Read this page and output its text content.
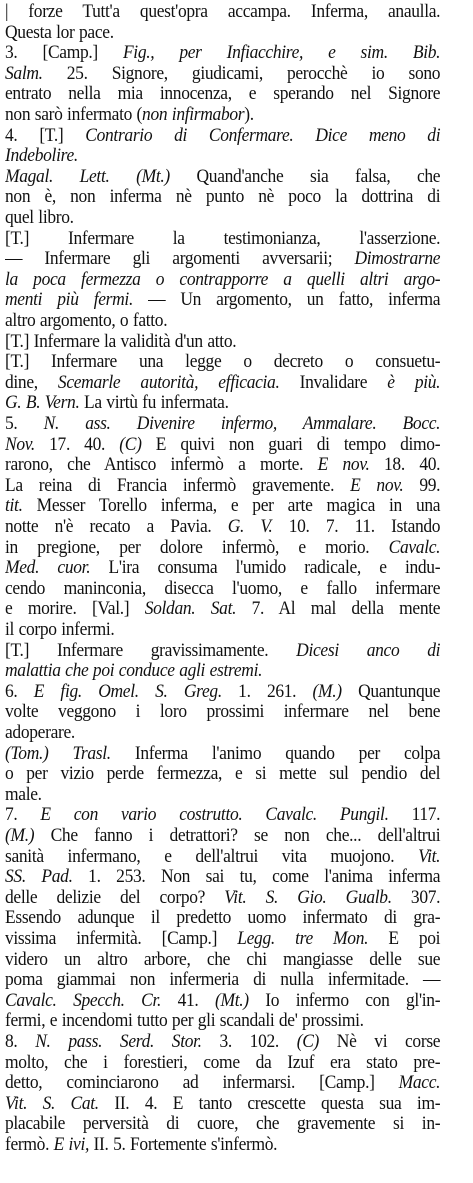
| forze Tutt'a quest'opra accampa. Inferma, anaulla.
Questa lor pace.
3. [Camp.] Fig., per Infiacchire, e sim. Bib.
Salm. 25. Signore, giudicami, perocchè io sono
entrato nella mia innocenza, e sperando nel Signore
non sarò infermato (non infirmabor).
4. [T.] Contrario di Confermare. Dice meno di
Indebolire.
Magal. Lett. (Mt.) Quand'anche sia falsa, che
non è, non inferma nè punto nè poco la dottrina di
quel libro.
[T.] Infermare la testimonianza, l'asserzione.
— Infermare gli argomenti avversarii; Dimostrarne
la poca fermezza o contrapporre a quelli altri argo-
menti più fermi. — Un argomento, un fatto, inferma
altro argomento, o fatto.
[T.] Infermare la validità d'un atto.
[T.] Infermare una legge o decreto o consuetu-
dine, Scemarle autorità, efficacia. Invalidare è più.
G. B. Vern. La virtù fu infermata.
5. N. ass. Divenire infermo, Ammalare. Bocc.
Nov. 17. 40. (C) E quivi non guari di tempo dimo-
rarono, che Antisco infermò a morte. E nov. 18. 40.
La reina di Francia infermò gravemente. E nov. 99.
tit. Messer Torello inferma, e per arte magica in una
notte n'è recato a Pavia. G. V. 10. 7. 11. Istando
in pregione, per dolore infermò, e morio. Cavalc.
Med. cuor. L'ira consuma l'umido radicale, e indu-
cendo maninconia, disecca l'uomo, e fallo infermare
e morire. [Val.] Soldan. Sat. 7. Al mal della mente
il corpo infermi.
[T.] Infermare gravissimamente. Dicesi anco di
malattia che poi conduce agli estremi.
6. E fig. Omel. S. Greg. 1. 261. (M.) Quantunque
volte veggono i loro prossimi infermare nel bene
adoperare.
(Tom.) Trasl. Inferma l'animo quando per colpa
o per vizio perde fermezza, e si mette sul pendio del
male.
7. E con vario costrutto. Cavalc. Pungil. 117.
(M.) Che fanno i detrattori? se non che... dell'altrui
sanità infermano, e dell'altrui vita muojono. Vit.
SS. Pad. 1. 253. Non sai tu, come l'anima inferma
delle delizie del corpo? Vit. S. Gio. Gualb. 307.
Essendo adunque il predetto uomo infermato di gra-
vissima infermità. [Camp.] Legg. tre Mon. E poi
videro un altro arbore, che chi mangiasse delle sue
poma giammai non infermeria di nulla infermitade. —
Cavalc. Specch. Cr. 41. (Mt.) Io infermo con gl'in-
fermi, e incendomi tutto per gli scandali de' prossimi.
8. N. pass. Serd. Stor. 3. 102. (C) Nè vi corse
molto, che i forestieri, come da Izuf era stato pre-
detto, cominciarono ad infermarsi. [Camp.] Macc.
Vit. S. Cat. II. 4. E tanto crescette questa sua im-
placabile perversità di cuore, che gravemente si in-
fermò. E ivi, II. 5. Fortemente s'infermò.
